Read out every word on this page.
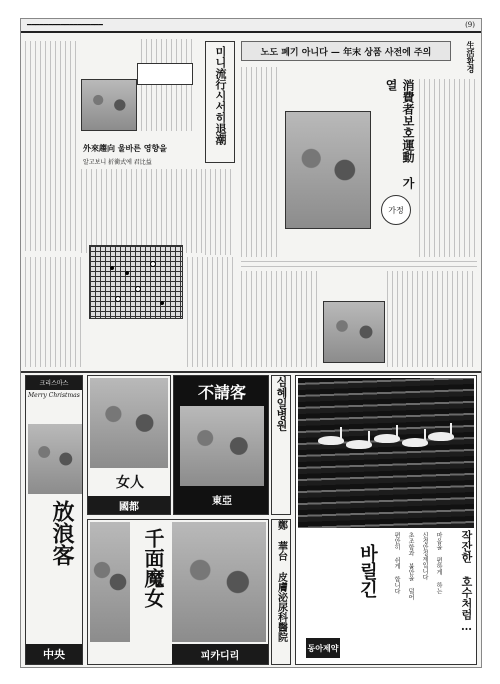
━━━━━━━━━━━━━━━━━━	(9)
外來趨向 울바른 영향을
알고보니 折衝式에 君比益
미니流行시서히退潮	노도 폐기 아니다 — 年末 상품 사전에 주의	生活환경
消費者보호運動 가열
가정
크리스마스
Merry Christmas
放浪客
中央
女人
國都
不請客
東亞
심혜일병원
千面魔女
피카디리
鄭 華台 皮膚泌尿科醫院	작잔한 호수처럼…
마음을 편하게 하는
신경안정제입니다
초조함과 불안을 덜어
편안히 쉬게 합니다
바릴긴
동아제약
